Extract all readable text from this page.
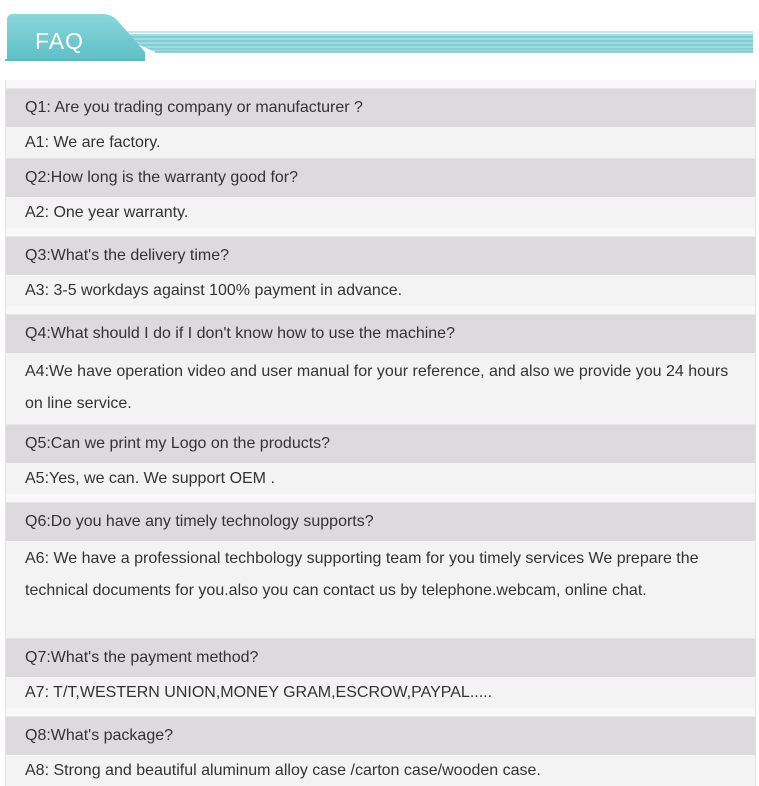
FAQ
Q1: Are you trading company or manufacturer ?
A1: We are factory.
Q2:How long is the warranty good for?
A2: One year warranty.
Q3:What's the delivery time?
A3: 3-5 workdays against 100% payment in advance.
Q4:What should I do if I don't know how to use the machine?
A4:We have operation video and user manual for your reference, and also we provide you 24 hours on line service.
Q5:Can we print my Logo on the products?
A5:Yes, we can. We support OEM .
Q6:Do you have any timely technology supports?
A6: We have a professional techbology supporting team for you timely services We prepare the technical documents for you.also you can contact us by telephone.webcam, online chat.
Q7:What's the payment method?
A7: T/T,WESTERN UNION,MONEY GRAM,ESCROW,PAYPAL.....
Q8:What's package?
A8: Strong and beautiful aluminum alloy case /carton case/wooden case.
